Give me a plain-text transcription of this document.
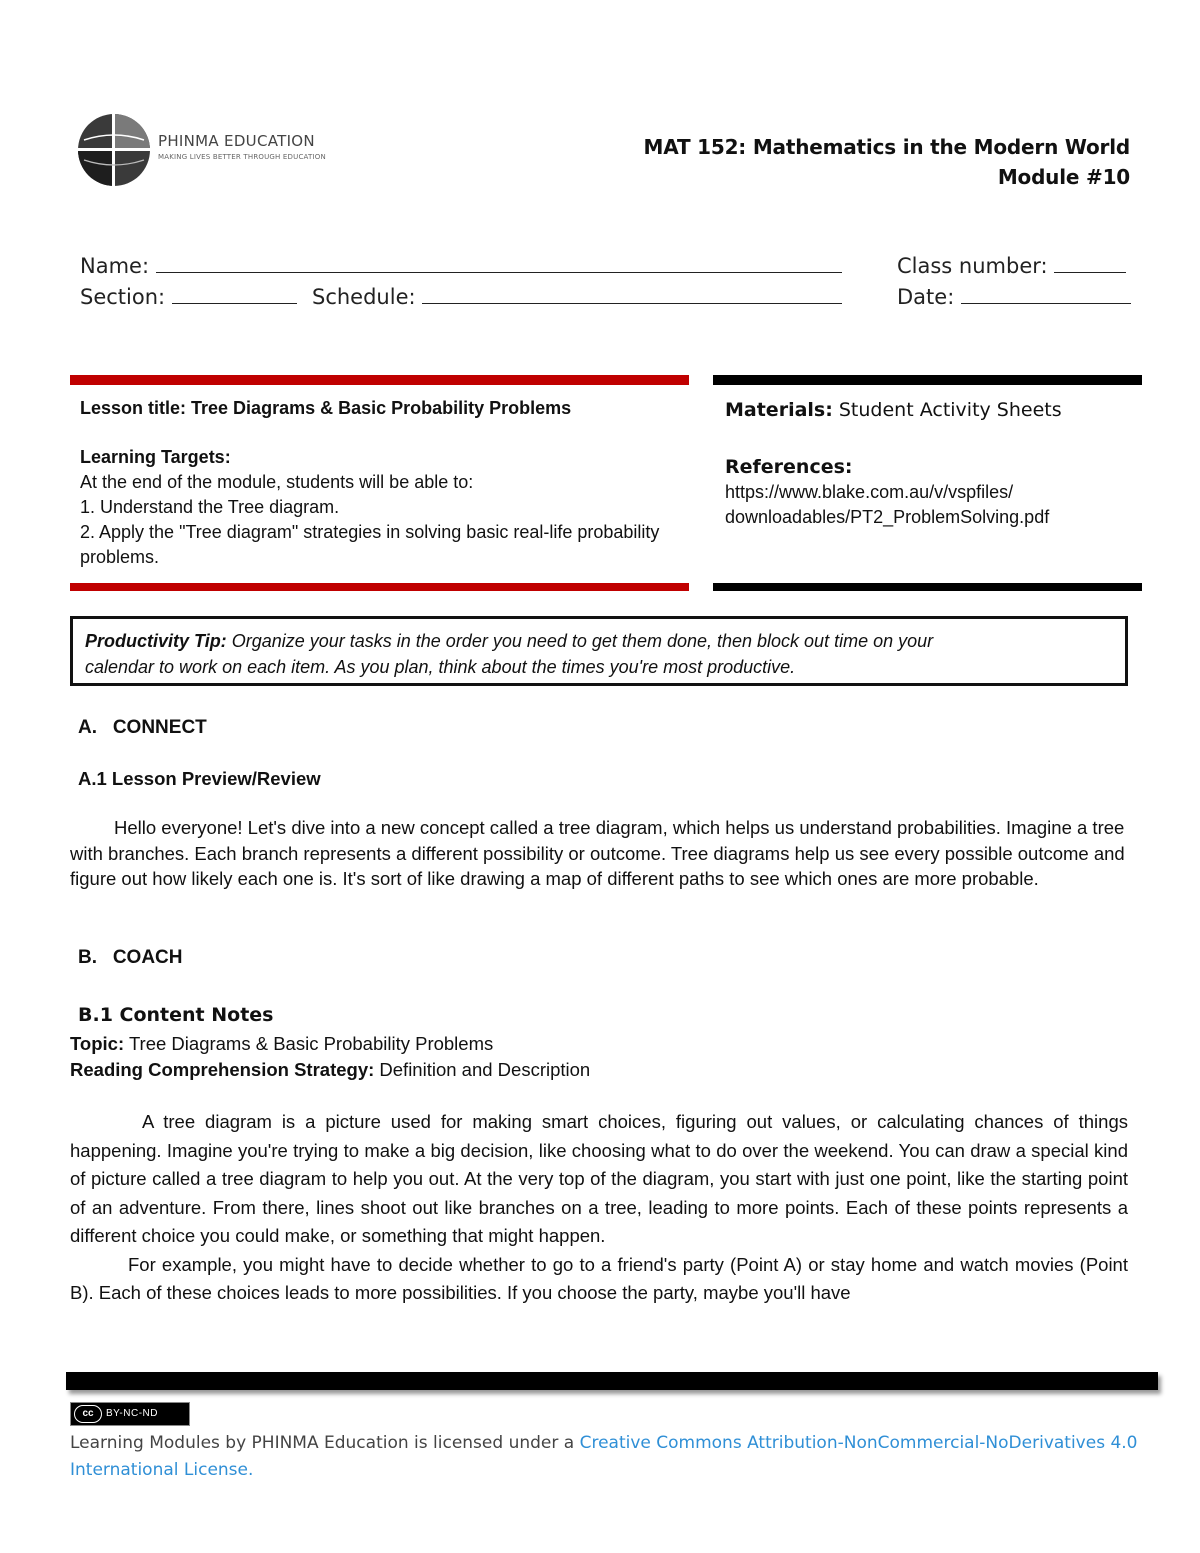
PHINMA EDUCATION
MAKING LIVES BETTER THROUGH EDUCATION	MAT 152: Mathematics in the Modern World
Module #10
Name:	Class number:
Section:	Schedule:	Date:
Lesson title: Tree Diagrams & Basic Probability Problems
Learning Targets:
At the end of the module, students will be able to:
1. Understand the Tree diagram.
2. Apply the "Tree diagram" strategies in solving basic real-life probability problems.
Materials: Student Activity Sheets
References:
https://www.blake.com.au/v/vspfiles/
downloadables/PT2_ProblemSolving.pdf
Productivity Tip: Organize your tasks in the order you need to get them done, then block out time on your
calendar to work on each item. As you plan, think about the times you're most productive.
A.   CONNECT
A.1 Lesson Preview/Review
Hello everyone! Let's dive into a new concept called a tree diagram, which helps us understand probabilities. Imagine a tree with branches. Each branch represents a different possibility or outcome. Tree diagrams help us see every possible outcome and figure out how likely each one is. It's sort of like drawing a map of different paths to see which ones are more probable.
B.   COACH
B.1 Content Notes
Topic: Tree Diagrams & Basic Probability Problems
Reading Comprehension Strategy: Definition and Description

A tree diagram is a picture used for making smart choices, figuring out values, or calculating chances of things happening. Imagine you're trying to make a big decision, like choosing what to do over the weekend. You can draw a special kind of picture called a tree diagram to help you out. At the very top of the diagram, you start with just one point, like the starting point of an adventure. From there, lines shoot out like branches on a tree, leading to more points. Each of these points represents a different choice you could make, or something that might happen.

For example, you might have to decide whether to go to a friend's party (Point A) or stay home and watch movies (Point B). Each of these choices leads to more possibilities. If you choose the party, maybe you'll have

cc	BY-NC-ND
Learning Modules by PHINMA Education is licensed under a Creative Commons Attribution-NonCommercial-NoDerivatives 4.0 International License.
